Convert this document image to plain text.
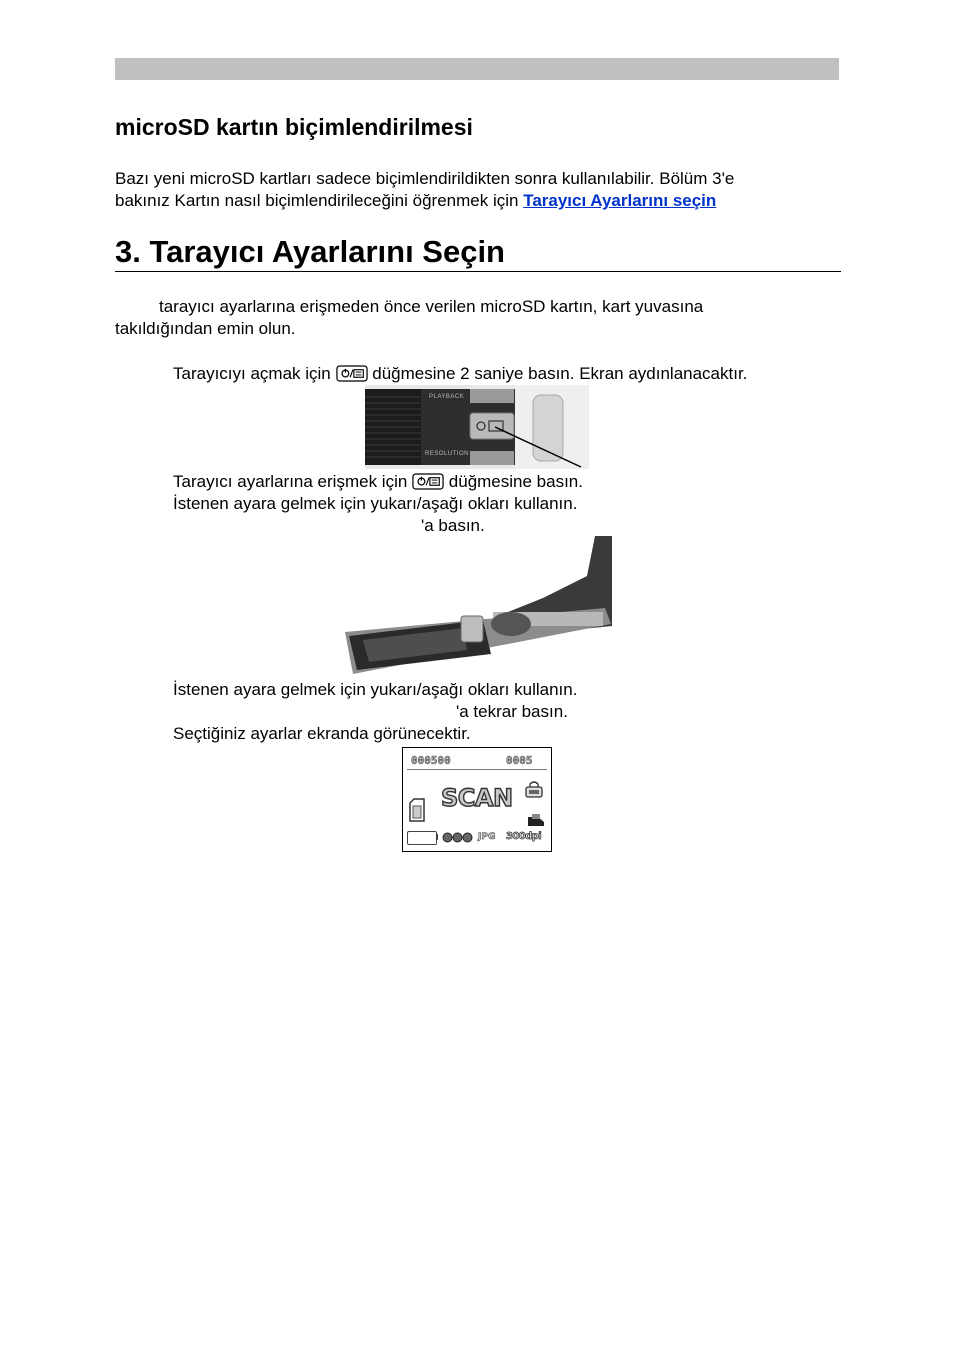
microSD kartın biçimlendirilmesi
Bazı yeni microSD kartları sadece biçimlendirildikten sonra kullanılabilir. Bölüm 3'e
bakınız Kartın nasıl biçimlendirileceğini öğrenmek için Tarayıcı Ayarlarını seçin
3. Tarayıcı Ayarlarını Seçin
tarayıcı ayarlarına erişmeden önce verilen microSD kartın, kart yuvasına
takıldığından emin olun.
Tarayıcıyı açmak için düğmesine 2 saniye basın. Ekran aydınlanacaktır.
PLAYBACK
RESOLUTION
Tarayıcı ayarlarına erişmek için düğmesine basın.
İstenen ayara gelmek için yukarı/aşağı okları kullanın.
'a basın.
İstenen ayara gelmek için yukarı/aşağı okları kullanın.
'a tekrar basın.
Seçtiğiniz ayarlar ekranda görünecektir.
000500	0005
SCAN
JPG 300dpi
